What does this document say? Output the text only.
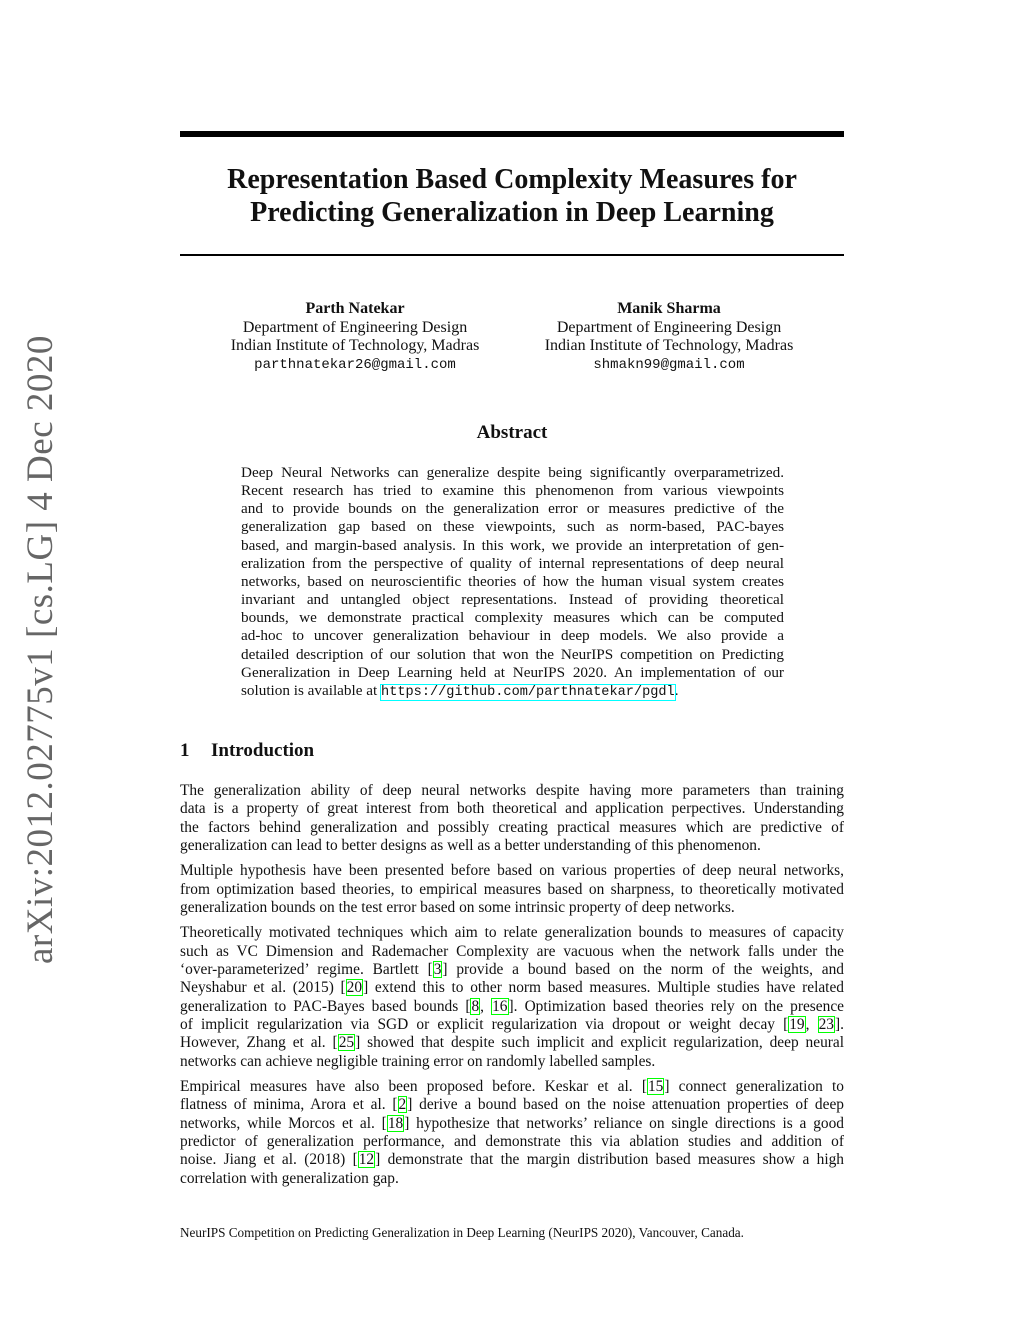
arXiv:2012.02775v1 [cs.LG] 4 Dec 2020
Representation Based Complexity Measures for
Predicting Generalization in Deep Learning
Parth Natekar
Department of Engineering Design
Indian Institute of Technology, Madras
parthnatekar26@gmail.com
Manik Sharma
Department of Engineering Design
Indian Institute of Technology, Madras
shmakn99@gmail.com
Abstract
Deep Neural Networks can generalize despite being significantly overparametrized.
Recent research has tried to examine this phenomenon from various viewpoints
and to provide bounds on the generalization error or measures predictive of the
generalization gap based on these viewpoints, such as norm-based, PAC-bayes
based, and margin-based analysis. In this work, we provide an interpretation of gen-
eralization from the perspective of quality of internal representations of deep neural
networks, based on neuroscientific theories of how the human visual system creates
invariant and untangled object representations. Instead of providing theoretical
bounds, we demonstrate practical complexity measures which can be computed
ad-hoc to uncover generalization behaviour in deep models. We also provide a
detailed description of our solution that won the NeurIPS competition on Predicting
Generalization in Deep Learning held at NeurIPS 2020. An implementation of our
solution is available at https://github.com/parthnatekar/pgdl.
1 Introduction
The generalization ability of deep neural networks despite having more parameters than training
data is a property of great interest from both theoretical and application perpectives. Understanding
the factors behind generalization and possibly creating practical measures which are predictive of
generalization can lead to better designs as well as a better understanding of this phenomenon.
Multiple hypothesis have been presented before based on various properties of deep neural networks,
from optimization based theories, to empirical measures based on sharpness, to theoretically motivated
generalization bounds on the test error based on some intrinsic property of deep networks.
Theoretically motivated techniques which aim to relate generalization bounds to measures of capacity
such as VC Dimension and Rademacher Complexity are vacuous when the network falls under the
‘over-parameterized’ regime. Bartlett [3] provide a bound based on the norm of the weights, and
Neyshabur et al. (2015) [20] extend this to other norm based measures. Multiple studies have related
generalization to PAC-Bayes based bounds [8, 16]. Optimization based theories rely on the presence
of implicit regularization via SGD or explicit regularization via dropout or weight decay [19, 23].
However, Zhang et al. [25] showed that despite such implicit and explicit regularization, deep neural
networks can achieve negligible training error on randomly labelled samples.
Empirical measures have also been proposed before. Keskar et al. [15] connect generalization to
flatness of minima, Arora et al. [2] derive a bound based on the noise attenuation properties of deep
networks, while Morcos et al. [18] hypothesize that networks’ reliance on single directions is a good
predictor of generalization performance, and demonstrate this via ablation studies and addition of
noise. Jiang et al. (2018) [12] demonstrate that the margin distribution based measures show a high
correlation with generalization gap.
NeurIPS Competition on Predicting Generalization in Deep Learning (NeurIPS 2020), Vancouver, Canada.
